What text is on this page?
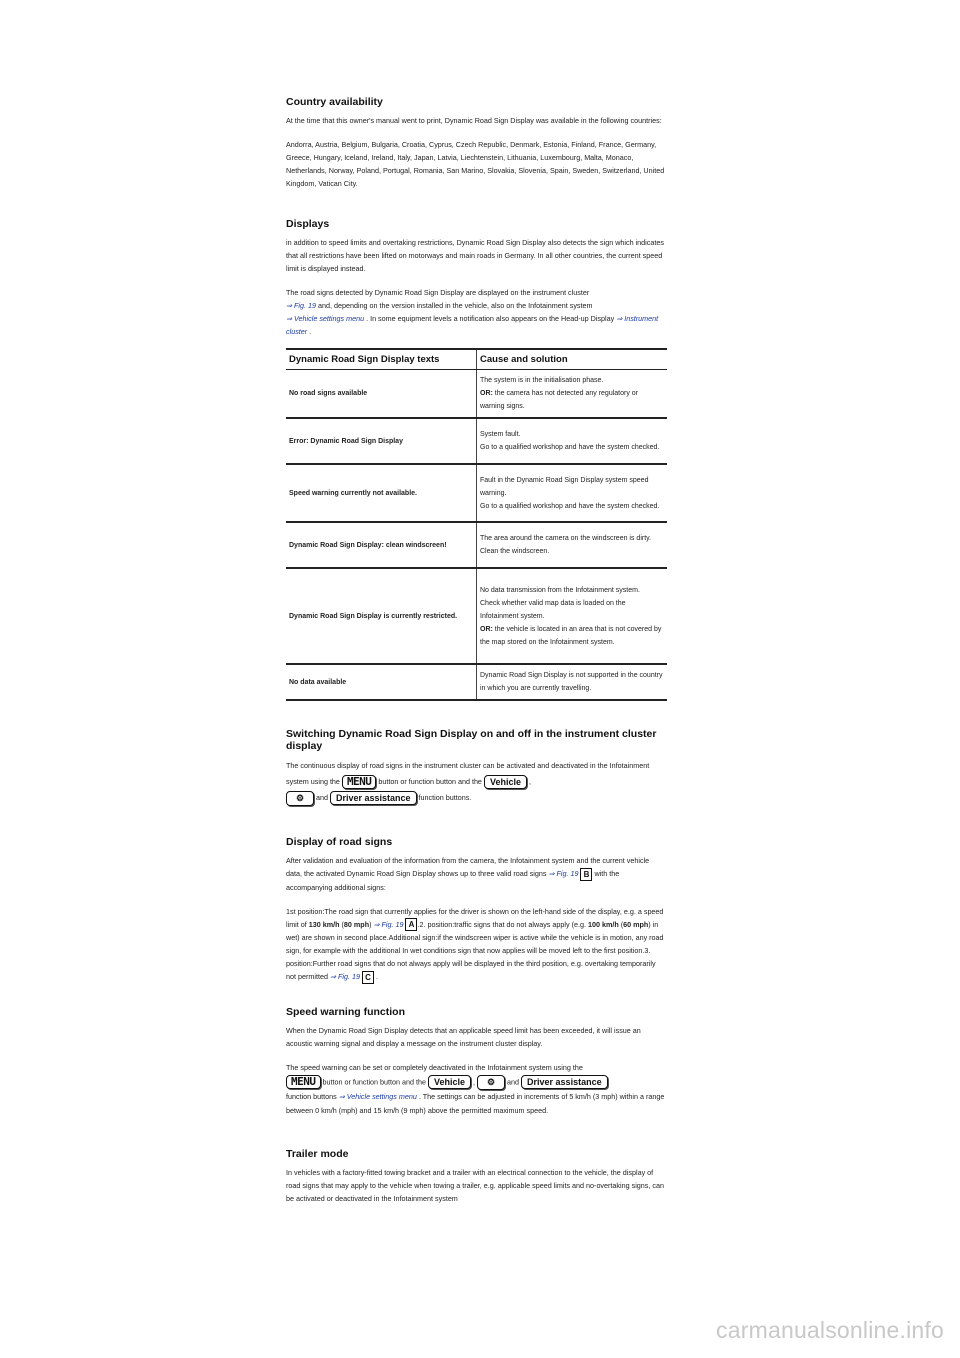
Country availability

At the time that this owner's manual went to print, Dynamic Road Sign Display was available in the following countries:

Andorra, Austria, Belgium, Bulgaria, Croatia, Cyprus, Czech Republic, Denmark, Estonia, Finland, France, Germany, Greece, Hungary, Iceland, Ireland, Italy, Japan, Latvia, Liechtenstein, Lithuania, Luxembourg, Malta, Monaco, Netherlands, Norway, Poland, Portugal, Romania, San Marino, Slovakia, Slovenia, Spain, Sweden, Switzerland, United Kingdom, Vatican City.

Displays

in addition to speed limits and overtaking restrictions, Dynamic Road Sign Display also detects the sign which indicates that all restrictions have been lifted on motorways and main roads in Germany. In all other countries, the current speed limit is displayed instead.

The road signs detected by Dynamic Road Sign Display are displayed on the instrument cluster
⇒ Fig. 19 and, depending on the version installed in the vehicle, also on the Infotainment system
⇒ Vehicle settings menu . In some equipment levels a notification also appears on the Head-up Display ⇒ Instrument cluster .

Dynamic Road Sign Display texts	Cause and solution
No road signs available	The system is in the initialisation phase.
OR: the camera has not detected any regulatory or warning signs.
Error: Dynamic Road Sign Display	System fault.
Go to a qualified workshop and have the system checked.
Speed warning currently not available.	Fault in the Dynamic Road Sign Display system speed warning.
Go to a qualified workshop and have the system checked.
Dynamic Road Sign Display: clean windscreen!	The area around the camera on the windscreen is dirty.
Clean the windscreen.
Dynamic Road Sign Display is currently restricted.	No data transmission from the Infotainment system.
Check whether valid map data is loaded on the Infotainment system.
OR: the vehicle is located in an area that is not covered by the map stored on the Infotainment system.
No data available	Dynamic Road Sign Display is not supported in the country in which you are currently travelling.
Switching Dynamic Road Sign Display on and off in the instrument cluster display

The continuous display of road signs in the instrument cluster can be activated and deactivated in the Infotainment system using the MENU button or function button and the Vehicle ,
⚙ and Driver assistance function buttons.

Display of road signs

After validation and evaluation of the information from the camera, the Infotainment system and the current vehicle data, the activated Dynamic Road Sign Display shows up to three valid road signs ⇒ Fig. 19 B with the accompanying additional signs:

1st position:The road sign that currently applies for the driver is shown on the left-hand side of the display, e.g. a speed limit of 130 km/h (80 mph) ⇒ Fig. 19 A .2. position:traffic signs that do not always apply (e.g. 100 km/h (60 mph) in wet) are shown in second place.Additional sign:if the windscreen wiper is active while the vehicle is in motion, any road sign, for example with the additional In wet conditions sign that now applies will be moved left to the first position.3. position:Further road signs that do not always apply will be displayed in the third position, e.g. overtaking temporarily not permitted ⇒ Fig. 19 C .

Speed warning function

When the Dynamic Road Sign Display detects that an applicable speed limit has been exceeded, it will issue an acoustic warning signal and display a message on the instrument cluster display.

The speed warning can be set or completely deactivated in the Infotainment system using the
MENU button or function button and the Vehicle , ⚙ and Driver assistance
function buttons ⇒ Vehicle settings menu . The settings can be adjusted in increments of 5 km/h (3 mph) within a range between 0 km/h (mph) and 15 km/h (9 mph) above the permitted maximum speed.

Trailer mode

In vehicles with a factory-fitted towing bracket and a trailer with an electrical connection to the vehicle, the display of road signs that may apply to the vehicle when towing a trailer, e.g. applicable speed limits and no-overtaking signs, can be activated or deactivated in the Infotainment system

carmanualsonline.info
